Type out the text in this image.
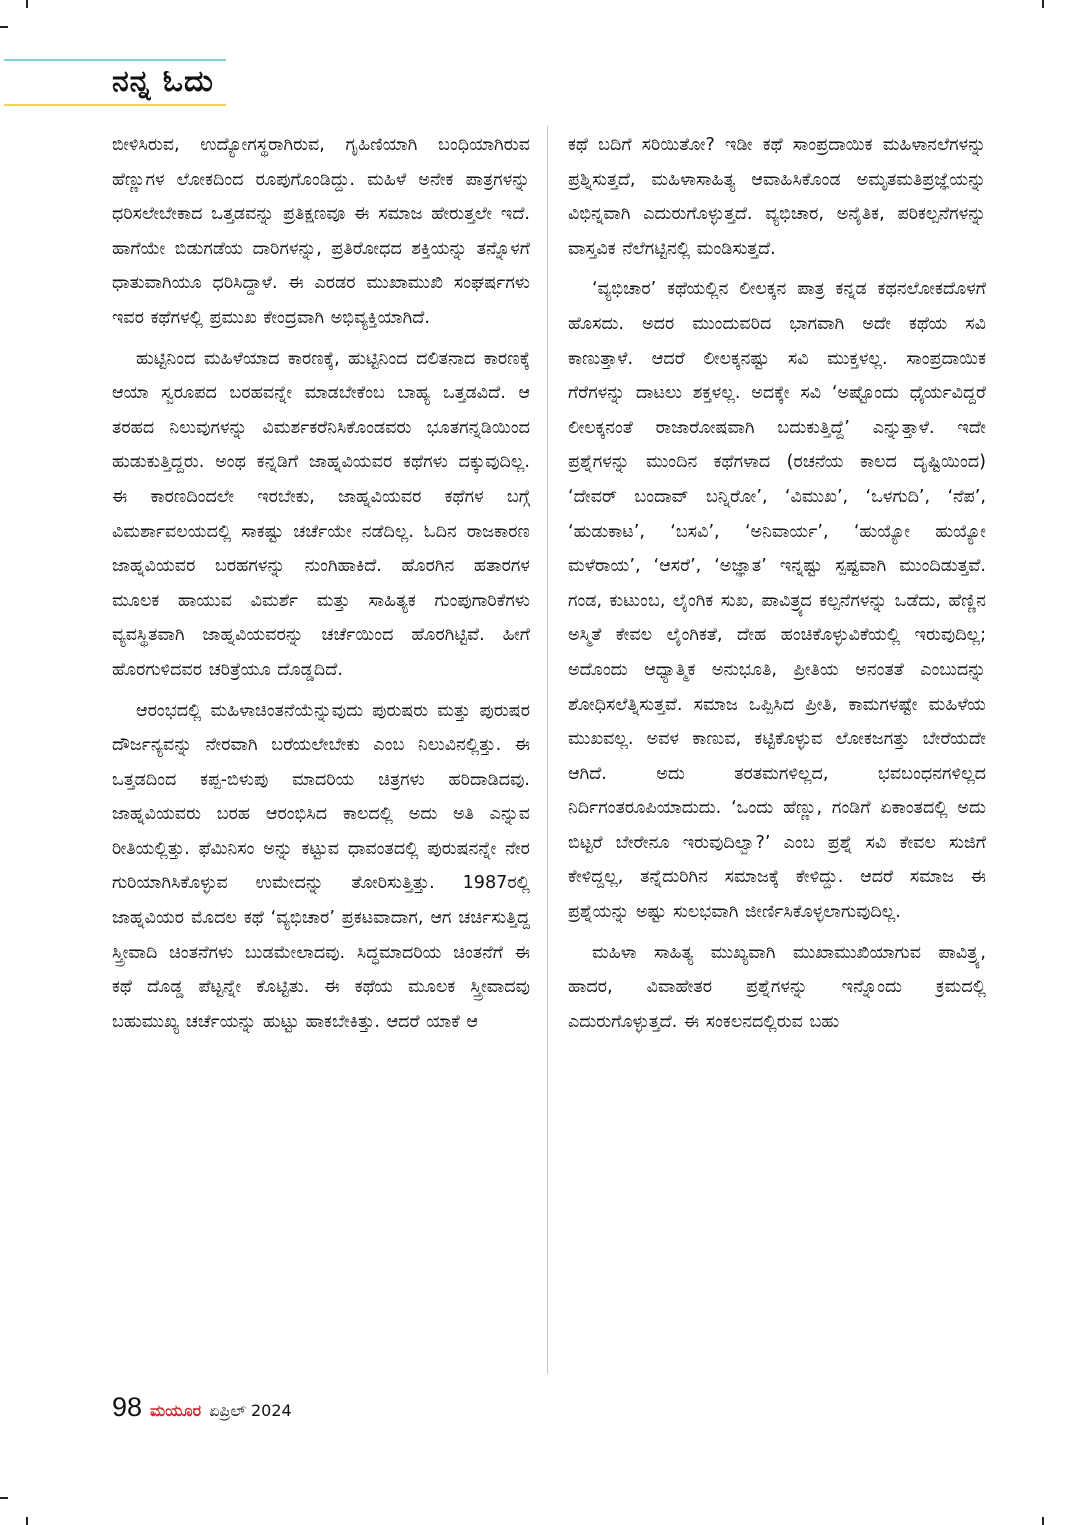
ನನ್ನ ಓದು

ಬೀಳಿಸಿರುವ, ಉದ್ಯೋಗಸ್ಥರಾಗಿರುವ, ಗೃಹಿಣಿಯಾಗಿ ಬಂಧಿಯಾಗಿರುವ ಹೆಣ್ಣುಗಳ ಲೋಕದಿಂದ ರೂಪುಗೊಂಡಿದ್ದು. ಮಹಿಳೆ ಅನೇಕ ಪಾತ್ರಗಳನ್ನು ಧರಿಸಲೇಬೇಕಾದ ಒತ್ತಡವನ್ನು ಪ್ರತಿಕ್ಷಣವೂ ಈ ಸಮಾಜ ಹೇರುತ್ತಲೇ ಇದೆ. ಹಾಗೆಯೇ ಬಿಡುಗಡೆಯ ದಾರಿಗಳನ್ನು, ಪ್ರತಿರೋಧದ ಶಕ್ತಿಯನ್ನು ತನ್ನೊಳಗೆ ಧಾತುವಾಗಿಯೂ ಧರಿಸಿದ್ದಾಳೆ. ಈ ಎರಡರ ಮುಖಾಮುಖಿ ಸಂಘರ್ಷಗಳು ಇವರ ಕಥೆಗಳಲ್ಲಿ ಪ್ರಮುಖ ಕೇಂದ್ರವಾಗಿ ಅಭಿವ್ಯಕ್ತಿಯಾಗಿದೆ.

ಹುಟ್ಟಿನಿಂದ ಮಹಿಳೆಯಾದ ಕಾರಣಕ್ಕೆ, ಹುಟ್ಟಿನಿಂದ ದಲಿತನಾದ ಕಾರಣಕ್ಕೆ ಆಯಾ ಸ್ವರೂಪದ ಬರಹವನ್ನೇ ಮಾಡಬೇಕೆಂಬ ಬಾಹ್ಯ ಒತ್ತಡವಿದೆ. ಆ ತರಹದ ನಿಲುವುಗಳನ್ನು ವಿಮರ್ಶಕರೆನಿಸಿಕೊಂಡವರು ಭೂತಗನ್ನಡಿಯಿಂದ ಹುಡುಕುತ್ತಿದ್ದರು. ಅಂಥ ಕನ್ನಡಿಗೆ ಜಾಹ್ನವಿಯವರ ಕಥೆಗಳು ದಕ್ಕುವುದಿಲ್ಲ. ಈ ಕಾರಣದಿಂದಲೇ ಇರಬೇಕು, ಜಾಹ್ನವಿಯವರ ಕಥೆಗಳ ಬಗ್ಗೆ ವಿಮರ್ಶಾವಲಯದಲ್ಲಿ ಸಾಕಷ್ಟು ಚರ್ಚೆಯೇ ನಡೆದಿಲ್ಲ. ಓದಿನ ರಾಜಕಾರಣ ಜಾಹ್ನವಿಯವರ ಬರಹಗಳನ್ನು ನುಂಗಿಹಾಕಿದೆ. ಹೊರಗಿನ ಹತಾರಗಳ ಮೂಲಕ ಹಾಯುವ ವಿಮರ್ಶೆ ಮತ್ತು ಸಾಹಿತ್ಯಕ ಗುಂಪುಗಾರಿಕೆಗಳು ವ್ಯವಸ್ಥಿತವಾಗಿ ಜಾಹ್ನವಿಯವರನ್ನು ಚರ್ಚೆಯಿಂದ ಹೊರಗಿಟ್ಟಿವೆ. ಹೀಗೆ ಹೊರಗುಳಿದವರ ಚರಿತ್ರೆಯೂ ದೊಡ್ಡದಿದೆ.

ಆರಂಭದಲ್ಲಿ ಮಹಿಳಾಚಿಂತನೆಯೆನ್ನುವುದು ಪುರುಷರು ಮತ್ತು ಪುರುಷರ ದೌರ್ಜನ್ಯವನ್ನು ನೇರವಾಗಿ ಬರೆಯಲೇಬೇಕು ಎಂಬ ನಿಲುವಿನಲ್ಲಿತ್ತು. ಈ ಒತ್ತಡದಿಂದ ಕಪ್ಪ-ಬಿಳುಪು ಮಾದರಿಯ ಚಿತ್ರಗಳು ಹರಿದಾಡಿದವು. ಜಾಹ್ನವಿಯವರು ಬರಹ ಆರಂಭಿಸಿದ ಕಾಲದಲ್ಲಿ ಅದು ಅತಿ ಎನ್ನುವ ರೀತಿಯಲ್ಲಿತ್ತು. ಫೆಮಿನಿಸಂ ಅನ್ನು ಕಟ್ಟುವ ಧಾವಂತದಲ್ಲಿ ಪುರುಷನನ್ನೇ ನೇರ ಗುರಿಯಾಗಿಸಿಕೊಳ್ಳುವ ಉಮೇದನ್ನು ತೋರಿಸುತ್ತಿತ್ತು. 1987ರಲ್ಲಿ ಜಾಹ್ನವಿಯರ ಮೊದಲ ಕಥೆ ‘ವ್ಯಭಿಚಾರ’ ಪ್ರಕಟವಾದಾಗ, ಆಗ ಚರ್ಚಿಸುತ್ತಿದ್ದ ಸ್ತ್ರೀವಾದಿ ಚಿಂತನೆಗಳು ಬುಡಮೇಲಾದವು. ಸಿದ್ಧಮಾದರಿಯ ಚಿಂತನೆಗೆ ಈ ಕಥೆ ದೊಡ್ಡ ಪೆಟ್ಟನ್ನೇ ಕೊಟ್ಟಿತು. ಈ ಕಥೆಯ ಮೂಲಕ ಸ್ತ್ರೀವಾದವು ಬಹುಮುಖ್ಯ ಚರ್ಚೆಯನ್ನು ಹುಟ್ಟು ಹಾಕಬೇಕಿತ್ತು. ಆದರೆ ಯಾಕೆ ಆ

ಕಥೆ ಬದಿಗೆ ಸರಿಯಿತೋ? ಇಡೀ ಕಥೆ ಸಾಂಪ್ರದಾಯಿಕ ಮಹಿಳಾನಲೆಗಳನ್ನು ಪ್ರಶ್ನಿಸುತ್ತದೆ, ಮಹಿಳಾಸಾಹಿತ್ಯ ಆವಾಹಿಸಿಕೊಂಡ ಅಮೃತಮತಿಪ್ರಜ್ಞೆಯನ್ನು ವಿಭಿನ್ನವಾಗಿ ಎದುರುಗೊಳ್ಳುತ್ತದೆ. ವ್ಯಭಿಚಾರ, ಅನೈತಿಕ, ಪರಿಕಲ್ಪನೆಗಳನ್ನು ವಾಸ್ತವಿಕ ನೆಲೆಗಟ್ಟಿನಲ್ಲಿ ಮಂಡಿಸುತ್ತದೆ.

‘ವ್ಯಭಿಚಾರ’ ಕಥೆಯಲ್ಲಿನ ಲೀಲಕ್ಕನ ಪಾತ್ರ ಕನ್ನಡ ಕಥನಲೋಕದೊಳಗೆ ಹೊಸದು. ಅದರ ಮುಂದುವರಿದ ಭಾಗವಾಗಿ ಅದೇ ಕಥೆಯ ಸವಿ ಕಾಣುತ್ತಾಳೆ. ಆದರೆ ಲೀಲಕ್ಕನಷ್ಟು ಸವಿ ಮುಕ್ತಳಲ್ಲ. ಸಾಂಪ್ರದಾಯಿಕ ಗೆರೆಗಳನ್ನು ದಾಟಲು ಶಕ್ತಳಲ್ಲ. ಅದಕ್ಕೇ ಸವಿ ‘ಅಷ್ಟೊಂದು ಧೈರ್ಯವಿದ್ದರೆ ಲೀಲಕ್ಕನಂತೆ ರಾಜಾರೋಷವಾಗಿ ಬದುಕುತ್ತಿದ್ದೆ’ ಎನ್ನುತ್ತಾಳೆ. ಇದೇ ಪ್ರಶ್ನೆಗಳನ್ನು ಮುಂದಿನ ಕಥೆಗಳಾದ (ರಚನೆಯ ಕಾಲದ ದೃಷ್ಟಿಯಿಂದ) ‘ದೇವರ್ ಬಂದಾವ್ ಬನ್ನಿರೋ’, ‘ವಿಮುಖ’, ‘ಒಳಗುದಿ’, ‘ನೆಪ’, ‘ಹುಡುಕಾಟ’, ‘ಬಸವಿ’, ‘ಅನಿವಾರ್ಯ’, ‘ಹುಯ್ಯೋ ಹುಯ್ಯೋ ಮಳೆರಾಯ’, ‘ಆಸರೆ’, ‘ಅಜ್ಞಾತ’ ಇನ್ನಷ್ಟು ಸ್ಪಷ್ಟವಾಗಿ ಮುಂದಿಡುತ್ತವೆ. ಗಂಡ, ಕುಟುಂಬ, ಲೈಂಗಿಕ ಸುಖ, ಪಾವಿತ್ರ್ಯದ ಕಲ್ಪನೆಗಳನ್ನು ಒಡೆದು, ಹೆಣ್ಣಿನ ಅಸ್ಮಿತೆ ಕೇವಲ ಲೈಂಗಿಕತೆ, ದೇಹ ಹಂಚಿಕೊಳ್ಳುವಿಕೆಯಲ್ಲಿ ಇರುವುದಿಲ್ಲ; ಅದೊಂದು ಆಧ್ಯಾತ್ಮಿಕ ಅನುಭೂತಿ, ಪ್ರೀತಿಯ ಅನಂತತೆ ಎಂಬುದನ್ನು ಶೋಧಿಸಲೆತ್ನಿಸುತ್ತವೆ. ಸಮಾಜ ಒಪ್ಪಿಸಿದ ಪ್ರೀತಿ, ಕಾಮಗಳಷ್ಟೇ ಮಹಿಳೆಯ ಮುಖವಲ್ಲ. ಅವಳ ಕಾಣುವ, ಕಟ್ಟಿಕೊಳ್ಳುವ ಲೋಕಜಗತ್ತು ಬೇರೆಯದೇ ಆಗಿದೆ. ಅದು ತರತಮಗಳಿಲ್ಲದ, ಭವಬಂಧನಗಳಿಲ್ಲದ ನಿರ್ದಿಗಂತರೂಪಿಯಾದುದು. ‘ಒಂದು ಹೆಣ್ಣು, ಗಂಡಿಗೆ ಏಕಾಂತದಲ್ಲಿ ಅದು ಬಿಟ್ಟರೆ ಬೇರೇನೂ ಇರುವುದಿಲ್ವಾ?’ ಎಂಬ ಪ್ರಶ್ನೆ ಸವಿ ಕೇವಲ ಸುಜಿಗೆ ಕೇಳಿದ್ದಲ್ಲ, ತನ್ನೆದುರಿಗಿನ ಸಮಾಜಕ್ಕೆ ಕೇಳಿದ್ದು. ಆದರೆ ಸಮಾಜ ಈ ಪ್ರಶ್ನೆಯನ್ನು ಅಷ್ಟು ಸುಲಭವಾಗಿ ಜೀರ್ಣಿಸಿಕೊಳ್ಳಲಾಗುವುದಿಲ್ಲ.

ಮಹಿಳಾ ಸಾಹಿತ್ಯ ಮುಖ್ಯವಾಗಿ ಮುಖಾಮುಖಿಯಾಗುವ ಪಾವಿತ್ರ್ಯ, ಹಾದರ, ವಿವಾಹೇತರ ಪ್ರಶ್ನೆಗಳನ್ನು ಇನ್ನೊಂದು ಕ್ರಮದಲ್ಲಿ ಎದುರುಗೊಳ್ಳುತ್ತದೆ. ಈ ಸಂಕಲನದಲ್ಲಿರುವ ಬಹು

98 ಮಯೂರ ಏಪ್ರಿಲ್ 2024
